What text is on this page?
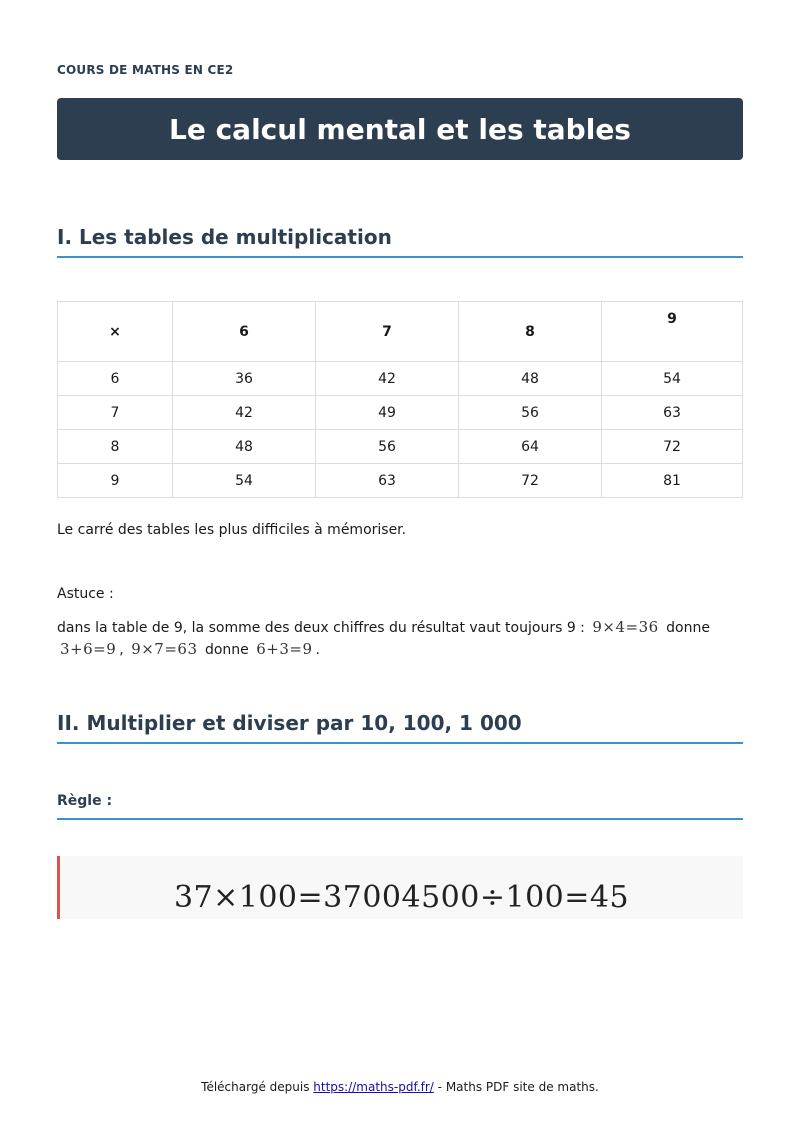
COURS DE MATHS EN CE2
Le calcul mental et les tables
I. Les tables de multiplication
×	6	7	8	9
6	36	42	48	54
7	42	49	56	63
8	48	56	64	72
9	54	63	72	81

Le carré des tables les plus difficiles à mémoriser.

Astuce :

dans la table de 9, la somme des deux chiffres du résultat vaut toujours 9 : 9×4=36 donne
3+6=9 , 9×7=63 donne 6+3=9 .

II. Multiplier et diviser par 10, 100, 1 000
Règle :
37×100=37004500÷100=45
Téléchargé depuis https://maths-pdf.fr/ - Maths PDF site de maths.
